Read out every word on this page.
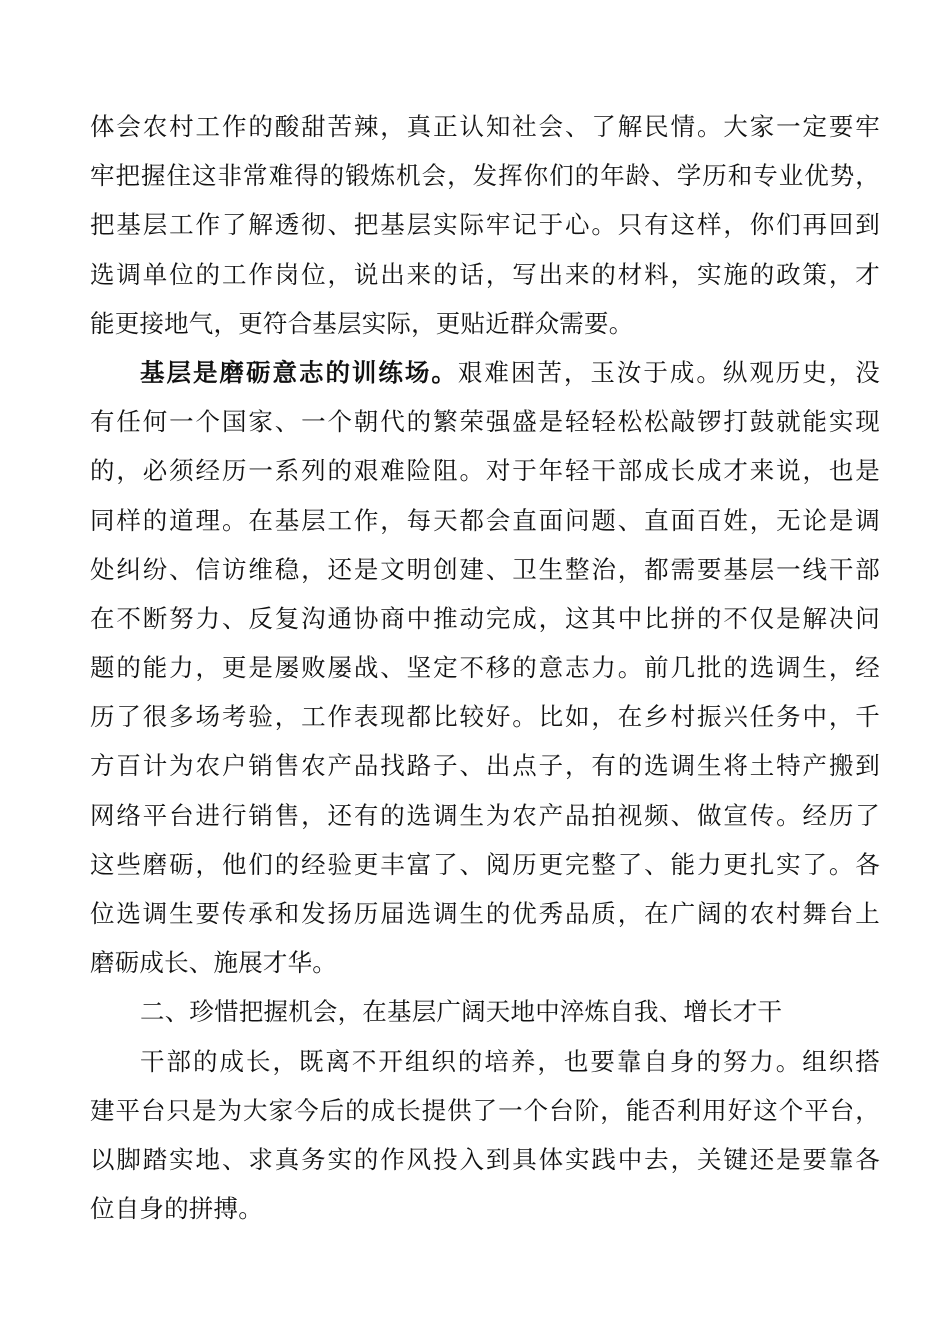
体会农村工作的酸甜苦辣，真正认知社会、了解民情。大家一定要牢
牢把握住这非常难得的锻炼机会，发挥你们的年龄、学历和专业优势，
把基层工作了解透彻、把基层实际牢记于心。只有这样，你们再回到
选调单位的工作岗位，说出来的话，写出来的材料，实施的政策，才
能更接地气，更符合基层实际，更贴近群众需要。
基层是磨砺意志的训练场。艰难困苦，玉汝于成。纵观历史，没
有任何一个国家、一个朝代的繁荣强盛是轻轻松松敲锣打鼓就能实现
的，必须经历一系列的艰难险阻。对于年轻干部成长成才来说，也是
同样的道理。在基层工作，每天都会直面问题、直面百姓，无论是调
处纠纷、信访维稳，还是文明创建、卫生整治，都需要基层一线干部
在不断努力、反复沟通协商中推动完成，这其中比拼的不仅是解决问
题的能力，更是屡败屡战、坚定不移的意志力。前几批的选调生，经
历了很多场考验，工作表现都比较好。比如，在乡村振兴任务中，千
方百计为农户销售农产品找路子、出点子，有的选调生将土特产搬到
网络平台进行销售，还有的选调生为农产品拍视频、做宣传。经历了
这些磨砺，他们的经验更丰富了、阅历更完整了、能力更扎实了。各
位选调生要传承和发扬历届选调生的优秀品质，在广阔的农村舞台上
磨砺成长、施展才华。
二、珍惜把握机会，在基层广阔天地中淬炼自我、增长才干
干部的成长，既离不开组织的培养，也要靠自身的努力。组织搭
建平台只是为大家今后的成长提供了一个台阶，能否利用好这个平台，
以脚踏实地、求真务实的作风投入到具体实践中去，关键还是要靠各
位自身的拼搏。
